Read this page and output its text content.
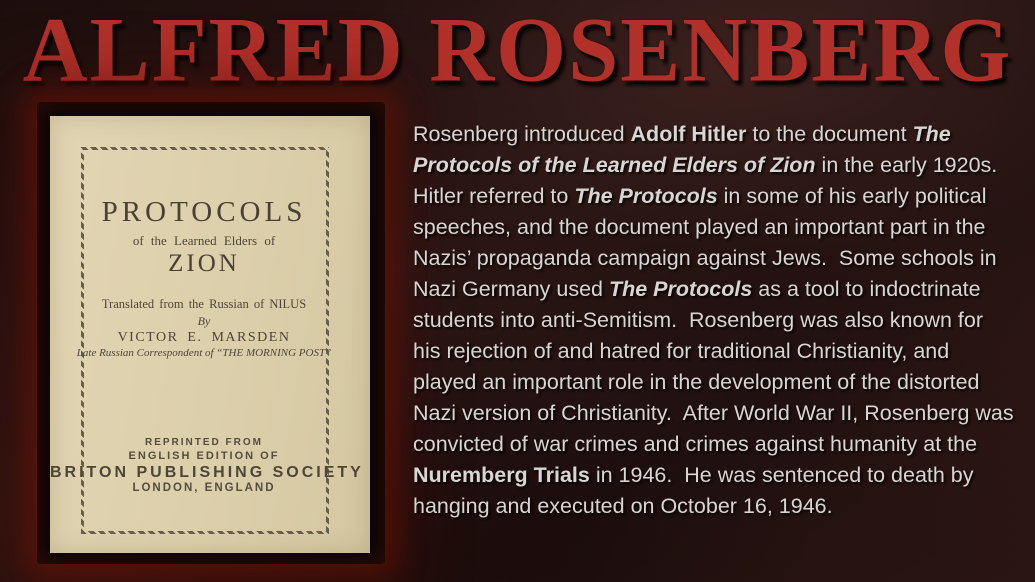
ALFRED ROSENBERG
PROTOCOLS
of the Learned Elders of
ZION
Translated from the Russian of NILUS
By
VICTOR E. MARSDEN
Late Russian Correspondent of “THE MORNING POST”
REPRINTED FROM
ENGLISH EDITION OF
BRITON PUBLISHING SOCIETY
LONDON, ENGLAND
Rosenberg introduced Adolf Hitler to the document The Protocols of the Learned Elders of Zion in the early 1920s.  Hitler referred to The Protocols in some of his early political speeches, and the document played an important part in the Nazis’ propaganda campaign against Jews.  Some schools in Nazi Germany used The Protocols as a tool to indoctrinate students into anti-Semitism.  Rosenberg was also known for his rejection of and hatred for traditional Christianity, and played an important role in the development of the distorted Nazi version of Christianity.  After World War II, Rosenberg was convicted of war crimes and crimes against humanity at the Nuremberg Trials in 1946.  He was sentenced to death by hanging and executed on October 16, 1946.
